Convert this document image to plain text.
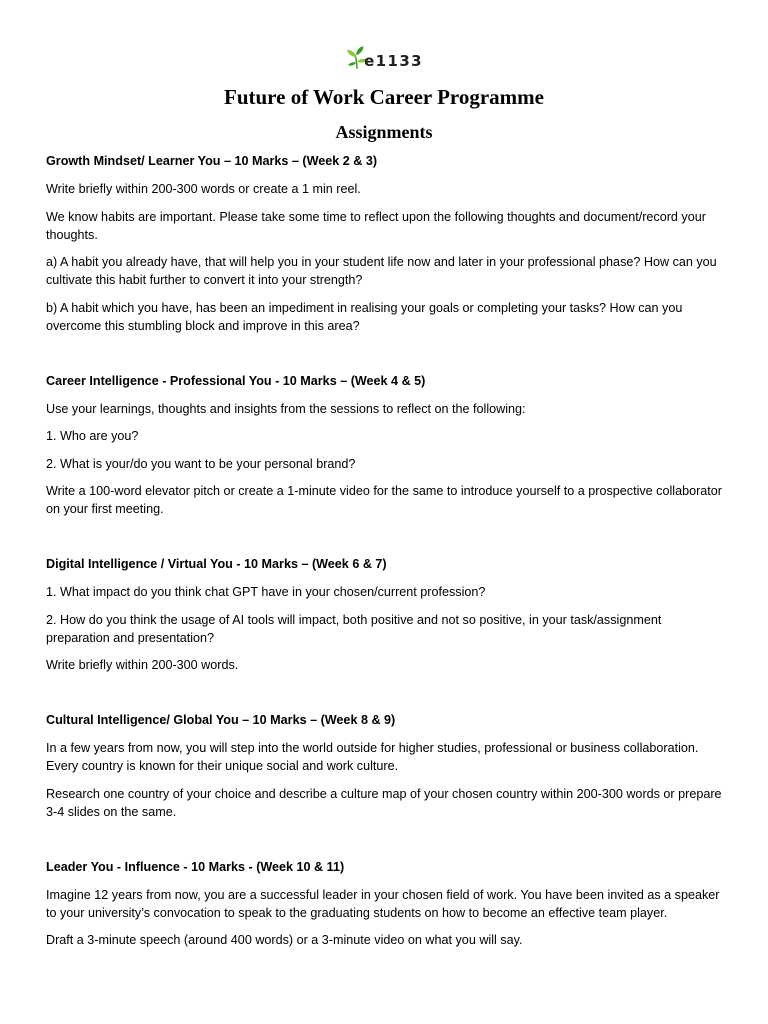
e1133
Future of Work Career Programme
Assignments
Growth Mindset/ Learner You – 10 Marks – (Week 2 & 3)

Write briefly within 200-300 words or create a 1 min reel.

We know habits are important. Please take some time to reflect upon the following thoughts and document/record your thoughts.

a) A habit you already have, that will help you in your student life now and later in your professional phase? How can you cultivate this habit further to convert it into your strength?

b) A habit which you have, has been an impediment in realising your goals or completing your tasks? How can you overcome this stumbling block and improve in this area?

Career Intelligence - Professional You - 10 Marks – (Week 4 & 5)

Use your learnings, thoughts and insights from the sessions to reflect on the following:

1. Who are you?

2. What is your/do you want to be your personal brand?

Write a 100-word elevator pitch or create a 1-minute video for the same to introduce yourself to a prospective collaborator on your first meeting.

Digital Intelligence / Virtual You - 10 Marks – (Week 6 & 7)

1. What impact do you think chat GPT have in your chosen/current profession?

2. How do you think the usage of AI tools will impact, both positive and not so positive, in your task/assignment preparation and presentation?

Write briefly within 200-300 words.

Cultural Intelligence/ Global You – 10 Marks – (Week 8 & 9)

In a few years from now, you will step into the world outside for higher studies, professional or business collaboration. Every country is known for their unique social and work culture.

Research one country of your choice and describe a culture map of your chosen country within 200-300 words or prepare 3-4 slides on the same.

Leader You - Influence - 10 Marks - (Week 10 & 11)

Imagine 12 years from now, you are a successful leader in your chosen field of work. You have been invited as a speaker to your university’s convocation to speak to the graduating students on how to become an effective team player.

Draft a 3-minute speech (around 400 words) or a 3-minute video on what you will say.
